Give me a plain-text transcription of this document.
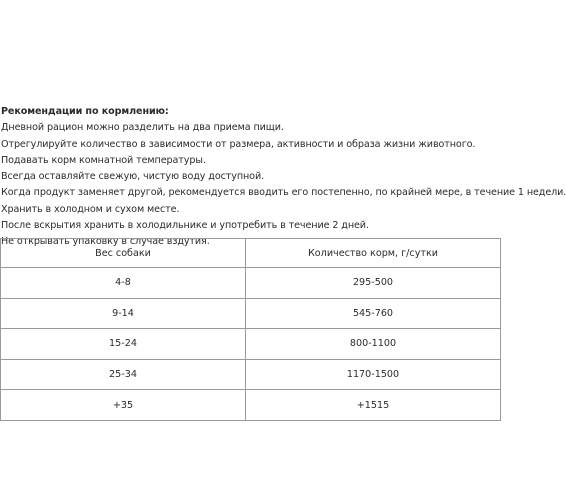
Рекомендации по кормлению:
Дневной рацион можно разделить на два приема пищи.
Отрегулируйте количество в зависимости от размера, активности и образа жизни животного.
Подавать корм комнатной температуры.
Всегда оставляйте свежую, чистую воду доступной.
Когда продукт заменяет другой, рекомендуется вводить его постепенно, по крайней мере, в течение 1 недели.
Хранить в холодном и сухом месте.
После вскрытия хранить в холодильнике и употребить в течение 2 дней.
Не открывать упаковку в случае вздутия.
Вес собаки	Количество корм, г/сутки
4-8	295-500
9-14	545-760
15-24	800-1100
25-34	1170-1500
+35	+1515
